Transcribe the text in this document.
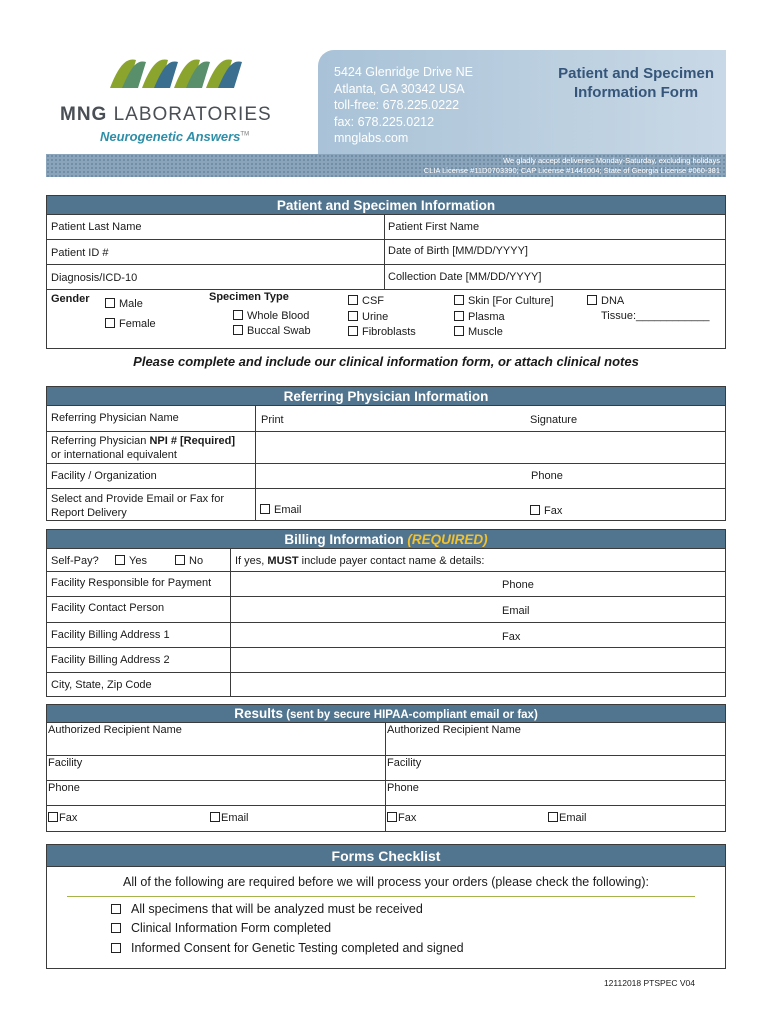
MNG LABORATORIES
Neurogenetic Answers™
5424 Glenridge Drive NE
Atlanta, GA 30342 USA
toll-free: 678.225.0222
fax: 678.225.0212
mnglabs.com
Patient and Specimen
Information Form
We gladly accept deliveries Monday-Saturday, excluding holidays
CLIA License #11D0703390; CAP License #1441004; State of Georgia License #060-381
Patient and Specimen Information
Patient Last Name	Patient First Name
Patient ID #	Date of Birth [MM/DD/YYYY]
Diagnosis/ICD-10	Collection Date [MM/DD/YYYY]
Gender	Male
Female
Specimen Type
Whole Blood
Buccal Swab
CSF
Urine
Fibroblasts
Skin [For Culture]
Plasma
Muscle
DNA
Tissue:____________
Please complete and include our clinical information form, or attach clinical notes
Referring Physician Information
Referring Physician Name	Print	Signature
Referring Physician NPI # [Required]
or international equivalent
Facility / Organization	Phone
Select and Provide Email or Fax for
Report Delivery	Email	Fax
Billing Information (REQUIRED)
Self-Pay?	Yes	No	If yes, MUST include payer contact name & details:
Facility Responsible for Payment	Phone
Facility Contact Person	Email
Facility Billing Address 1	Fax
Facility Billing Address 2
City, State, Zip Code
Results (sent by secure HIPAA-compliant email or fax)
Authorized Recipient Name	Authorized Recipient Name
Facility	Facility
Phone	Phone
Fax	Email	Fax	Email
Forms Checklist
All of the following are required before we will process your orders (please check the following):
All specimens that will be analyzed must be received
Clinical Information Form completed
Informed Consent for Genetic Testing completed and signed
12112018 PTSPEC V04
